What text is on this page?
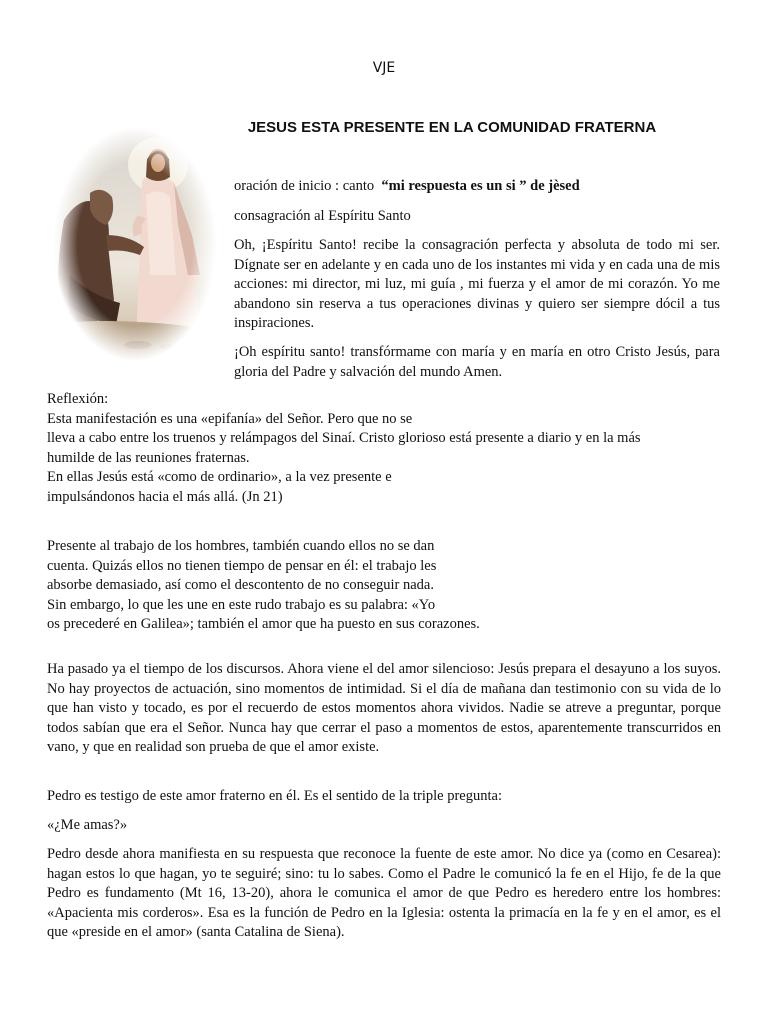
VJE
JESUS ESTA PRESENTE EN LA COMUNIDAD FRATERNA
oración de inicio : canto “mi respuesta es un si ” de jèsed
consagración al Espíritu Santo
Oh, ¡Espíritu Santo! recibe la consagración perfecta y absoluta de todo mi ser. Dígnate ser en adelante y en cada uno de los instantes mi vida y en cada una de mis acciones: mi director, mi luz, mi guía , mi fuerza y el amor de mi corazón. Yo me abandono sin reserva a tus operaciones divinas y quiero ser siempre dócil a tus inspiraciones.
¡Oh espíritu santo! transfórmame con maría y en maría en otro Cristo Jesús, para gloria del Padre y salvación del mundo Amen.
Reflexión:
Esta manifestación es una «epifanía» del Señor. Pero que no se
lleva a cabo entre los truenos y relámpagos del Sinaí. Cristo glorioso está presente a diario y en la más
humilde de las reuniones fraternas.
En ellas Jesús está «como de ordinario», a la vez presente e
impulsándonos hacia el más allá. (Jn 21)
Presente al trabajo de los hombres, también cuando ellos no se dan
cuenta. Quizás ellos no tienen tiempo de pensar en él: el trabajo les
absorbe demasiado, así como el descontento de no conseguir nada.
Sin embargo, lo que les une en este rudo trabajo es su palabra: «Yo
os precederé en Galilea»; también el amor que ha puesto en sus corazones.
Ha pasado ya el tiempo de los discursos. Ahora viene el del amor silencioso: Jesús prepara el desayuno a los suyos. No hay proyectos de actuación, sino momentos de intimidad. Si el día de mañana dan testimonio con su vida de lo que han visto y tocado, es por el recuerdo de estos momentos ahora vividos. Nadie se atreve a preguntar, porque todos sabían que era el Señor. Nunca hay que cerrar el paso a momentos de estos, aparentemente transcurridos en vano, y que en realidad son prueba de que el amor existe.
Pedro es testigo de este amor fraterno en él. Es el sentido de la triple pregunta:
«¿Me amas?»
Pedro desde ahora manifiesta en su respuesta que reconoce la fuente de este amor. No dice ya (como en Cesarea): hagan estos lo que hagan, yo te seguiré; sino: tu lo sabes. Como el Padre le comunicó la fe en el Hijo, fe de la que Pedro es fundamento (Mt 16, 13-20), ahora le comunica el amor de que Pedro es heredero entre los hombres: «Apacienta mis corderos». Esa es la función de Pedro en la Iglesia: ostenta la primacía en la fe y en el amor, es el que «preside en el amor» (santa Catalina de Siena).
